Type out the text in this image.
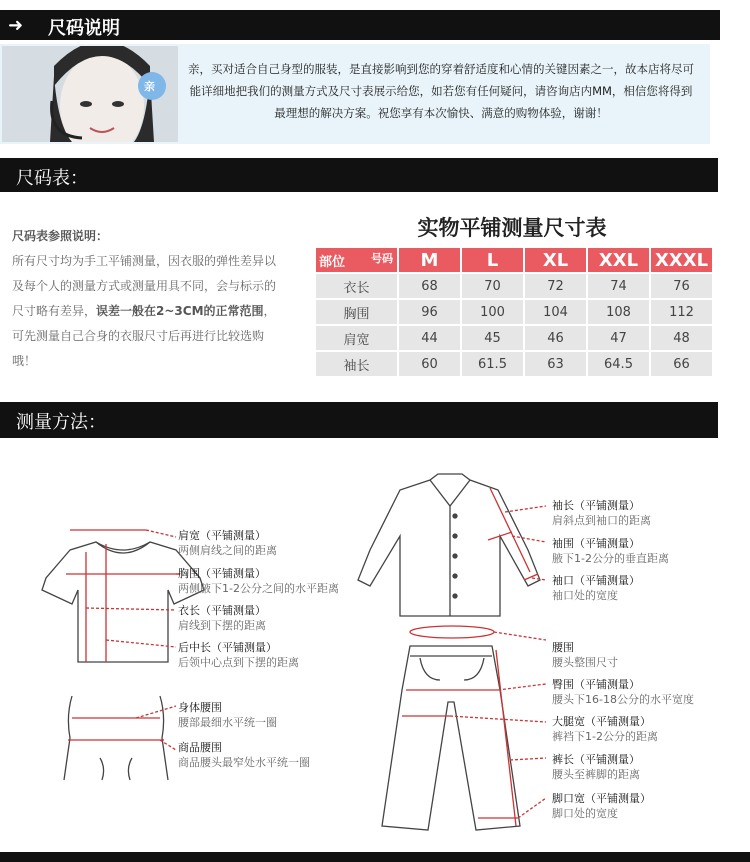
➜ 尺码说明
亲
亲，买对适合自己身型的服装，是直接影响到您的穿着舒适度和心情的关键因素之一，故本店将尽可能详细地把我们的测量方式及尺寸表展示给您，如若您有任何疑问，请咨询店内MM，相信您将得到最理想的解决方案。祝您享有本次愉快、满意的购物体验，谢谢！
尺码表：
尺码表参照说明：
所有尺寸均为手工平铺测量，因衣服的弹性差异以及每个人的测量方式或测量用具不同，会与标示的尺寸略有差异，误差一般在2~3CM的正常范围，可先测量自己合身的衣服尺寸后再进行比较选购哦！
实物平铺测量尺寸表
部位 号码	M	L	XL	XXL	XXXL
衣长	68	70	72	74	76
胸围	96	100	104	108	112
肩宽	44	45	46	47	48
袖长	60	61.5	63	64.5	66
测量方法：
肩宽（平铺测量）
两侧肩线之间的距离
胸围（平铺测量）
两侧腋下1-2公分之间的水平距离
衣长（平铺测量）
肩线到下摆的距离
后中长（平铺测量）
后领中心点到下摆的距离
身体腰围
腰部最细水平统一圈
商品腰围
商品腰头最窄处水平统一圈
袖长（平铺测量）
肩斜点到袖口的距离
袖围（平铺测量）
腋下1-2公分的垂直距离
袖口（平铺测量）
袖口处的宽度
腰围
腰头整围尺寸
臀围（平铺测量）
腰头下16-18公分的水平宽度
大腿宽（平铺测量）
裤裆下1-2公分的距离
裤长（平铺测量）
腰头至裤脚的距离
脚口宽（平铺测量）
脚口处的宽度
